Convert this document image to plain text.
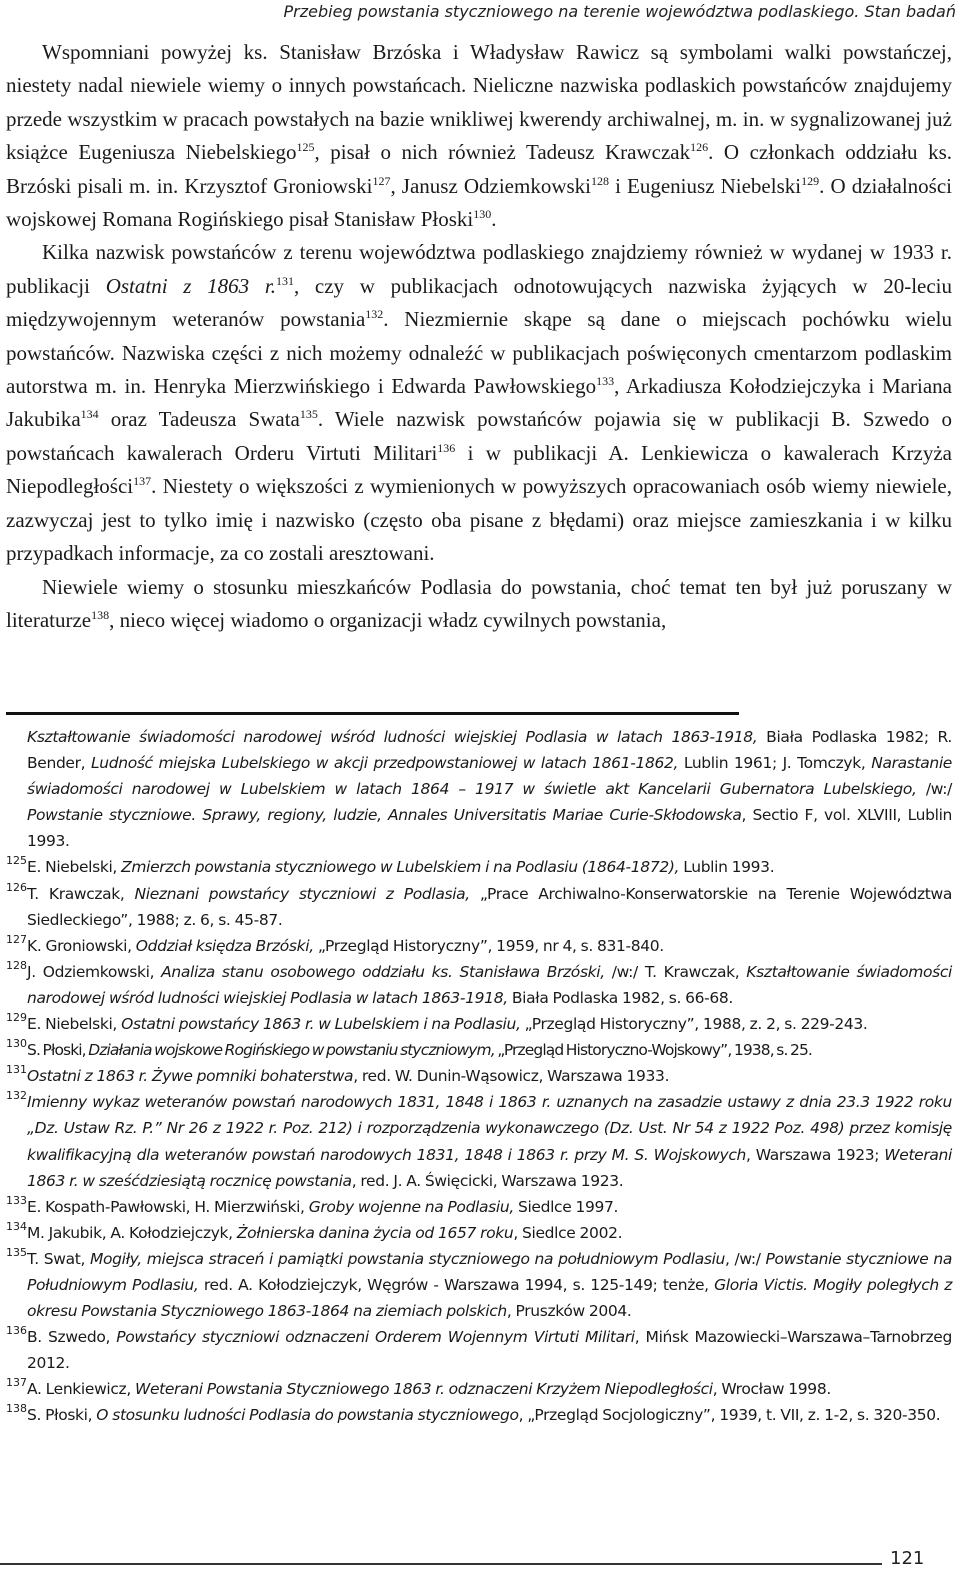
Przebieg powstania styczniowego na terenie województwa podlaskiego. Stan badań

Wspomniani powyżej ks. Stanisław Brzóska i Władysław Rawicz są symbolami walki powstańczej, niestety nadal niewiele wiemy o innych powstańcach. Nieliczne nazwiska podlaskich powstańców znajdujemy przede wszystkim w pracach powstałych na bazie wnikliwej kwerendy archiwalnej, m. in. w sygnalizowanej już książce Eugeniusza Niebelskiego$^{125}$, pisał o nich również Tadeusz Krawczak$^{126}$. O członkach oddziału ks. Brzóski pisali m. in. Krzysztof Groniowski$^{127}$, Janusz Odziemkowski$^{128}$ i Eugeniusz Niebelski$^{129}$. O działalności wojskowej Romana Rogińskiego pisał Stanisław Płoski$^{130}$.

Kilka nazwisk powstańców z terenu województwa podlaskiego znajdziemy również w wydanej w 1933 r. publikacji Ostatni z 1863 r.$^{131}$, czy w publikacjach odnotowujących nazwiska żyjących w 20-leciu międzywojennym weteranów powstania$^{132}$. Niezmiernie skąpe są dane o miejscach pochówku wielu powstańców. Nazwiska części z nich możemy odnaleźć w publikacjach poświęconych cmentarzom podlaskim autorstwa m. in. Henryka Mierzwińskiego i Edwarda Pawłowskiego$^{133}$, Arkadiusza Kołodziejczyka i Mariana Jakubika$^{134}$ oraz Tadeusza Swata$^{135}$. Wiele nazwisk powstańców pojawia się w publikacji B. Szwedo o powstańcach kawalerach Orderu Virtuti Militari$^{136}$ i w publikacji A. Lenkiewicza o kawalerach Krzyża Niepodległości$^{137}$. Niestety o większości z wymienionych w powyższych opracowaniach osób wiemy niewiele, zazwyczaj jest to tylko imię i nazwisko (często oba pisane z błędami) oraz miejsce zamieszkania i w kilku przypadkach informacje, za co zostali aresztowani.

Niewiele wiemy o stosunku mieszkańców Podlasia do powstania, choć temat ten był już poruszany w literaturze$^{138}$, nieco więcej wiadomo o organizacji władz cywilnych powstania,

Kształtowanie świadomości narodowej wśród ludności wiejskiej Podlasia w latach 1863-1918, Biała Podlaska 1982; R. Bender, Ludność miejska Lubelskiego w akcji przedpowstaniowej w latach 1861-1862, Lublin 1961; J. Tomczyk, Narastanie świadomości narodowej w Lubelskiem w latach 1864 – 1917 w świetle akt Kancelarii Gubernatora Lubelskiego, /w:/ Powstanie styczniowe. Sprawy, regiony, ludzie, Annales Universitatis Mariae Curie-Skłodowska, Sectio F, vol. XLVIII, Lublin 1993.
125 E. Niebelski, Zmierzch powstania styczniowego w Lubelskiem i na Podlasiu (1864-1872), Lublin 1993.
126 T. Krawczak, Nieznani powstańcy styczniowi z Podlasia, „Prace Archiwalno-Konserwatorskie na Terenie Województwa Siedleckiego”, 1988; z. 6, s. 45-87.
127 K. Groniowski, Oddział księdza Brzóski, „Przegląd Historyczny”, 1959, nr 4, s. 831-840.
128 J. Odziemkowski, Analiza stanu osobowego oddziału ks. Stanisława Brzóski, /w:/ T. Krawczak, Kształtowanie świadomości narodowej wśród ludności wiejskiej Podlasia w latach 1863-1918, Biała Podlaska 1982, s. 66-68.
129 E. Niebelski, Ostatni powstańcy 1863 r. w Lubelskiem i na Podlasiu, „Przegląd Historyczny”, 1988, z. 2, s. 229-243.
130 S. Płoski, Działania wojskowe Rogińskiego w powstaniu styczniowym, „Przegląd Historyczno-Wojskowy”, 1938, s. 25.
131 Ostatni z 1863 r. Żywe pomniki bohaterstwa, red. W. Dunin-Wąsowicz, Warszawa 1933.
132 Imienny wykaz weteranów powstań narodowych 1831, 1848 i 1863 r. uznanych na zasadzie ustawy z dnia 23.3 1922 roku „Dz. Ustaw Rz. P.” Nr 26 z 1922 r. Poz. 212) i rozporządzenia wykonawczego (Dz. Ust. Nr 54 z 1922 Poz. 498) przez komisję kwalifikacyjną dla weteranów powstań narodowych 1831, 1848 i 1863 r. przy M. S. Wojskowych, Warszawa 1923; Weterani 1863 r. w sześćdziesiątą rocznicę powstania, red. J. A. Święcicki, Warszawa 1923.
133 E. Kospath-Pawłowski, H. Mierzwiński, Groby wojenne na Podlasiu, Siedlce 1997.
134 M. Jakubik, A. Kołodziejczyk, Żołnierska danina życia od 1657 roku, Siedlce 2002.
135 T. Swat, Mogiły, miejsca straceń i pamiątki powstania styczniowego na południowym Podlasiu, /w:/ Powstanie styczniowe na Południowym Podlasiu, red. A. Kołodziejczyk, Węgrów - Warszawa 1994, s. 125-149; tenże, Gloria Victis. Mogiły poległych z okresu Powstania Styczniowego 1863-1864 na ziemiach polskich, Pruszków 2004.
136 B. Szwedo, Powstańcy styczniowi odznaczeni Orderem Wojennym Virtuti Militari, Mińsk Mazowiecki–Warszawa–Tarnobrzeg 2012.
137 A. Lenkiewicz, Weterani Powstania Styczniowego 1863 r. odznaczeni Krzyżem Niepodległości, Wrocław 1998.
138 S. Płoski, O stosunku ludności Podlasia do powstania styczniowego, „Przegląd Socjologiczny”, 1939, t. VII, z. 1-2, s. 320-350.
121
